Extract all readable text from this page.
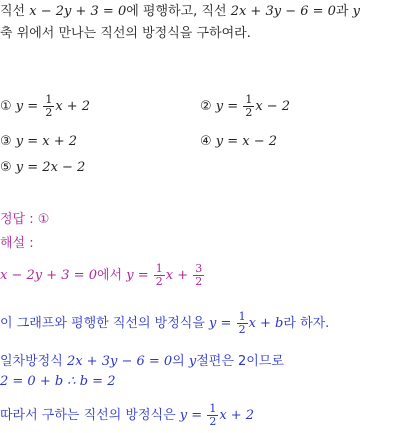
직선 x − 2y + 3 = 0에 평행하고, 직선 2x + 3y − 6 = 0과 y
축 위에서 만나는 직선의 방정식을 구하여라.
① $y = \frac{1}{2}$ x + 2	② $y = \frac{1}{2}$ x − 2
③ y = x + 2	④ y = x − 2
⑤ y = 2x − 2
정답 : ①
해설 :
x − 2y + 3 = 0에서 $y = \frac{1}{2}$ $x + \frac{3}{2}$
이 그래프와 평행한 직선의 방정식을 $y = \frac{1}{2}$ x + b라 하자.
일차방정식 2x + 3y − 6 = 0의 y절편은 2이므로
2 = 0 + b ∴ b = 2
따라서 구하는 직선의 방정식은 $y = \frac{1}{2}$ x + 2
